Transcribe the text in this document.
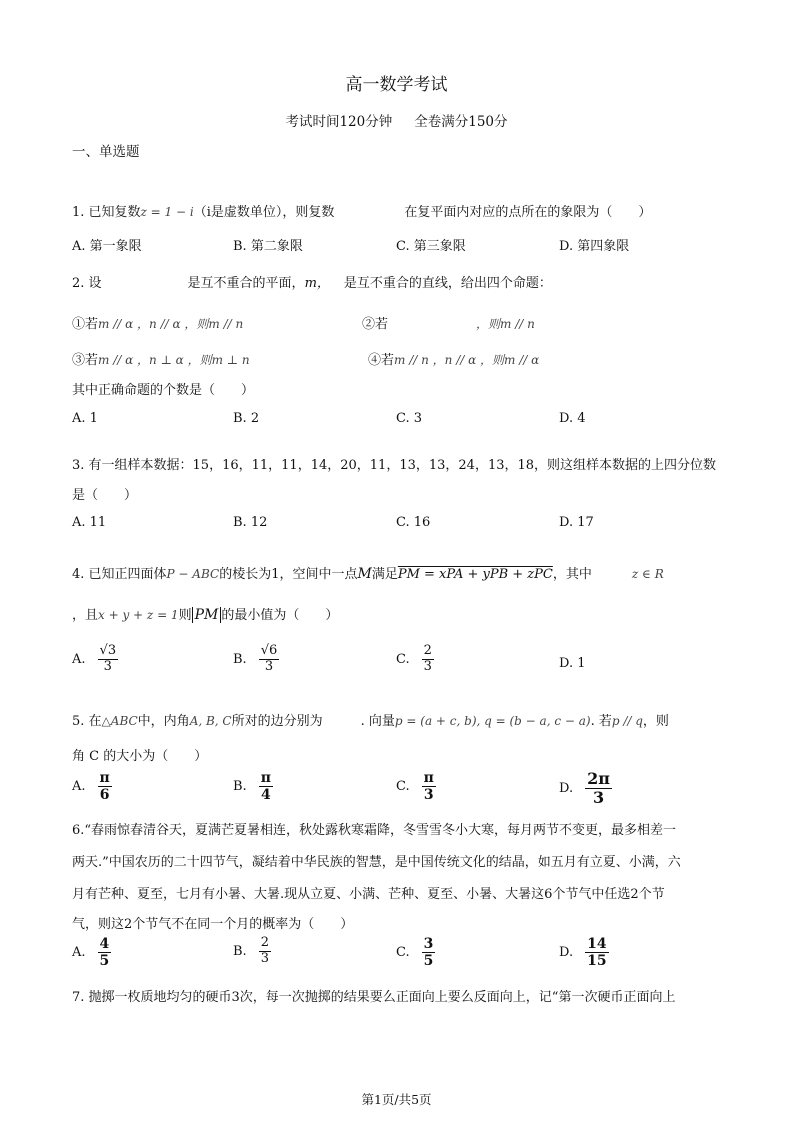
高一数学考试
考试时间120分钟 全卷满分150分
一、单选题
1. 已知复数z = 1 − i（i是虚数单位），则复数	在复平面内对应的点所在的象限为（　　）
A. 第一象限	B. 第二象限	C. 第三象限	D. 第四象限
2. 设	是互不重合的平面，m， 是互不重合的直线，给出四个命题：
①若m // α ，n // α ，则m // n	②若	，则m // n
③若m // α ，n ⊥ α ，则m ⊥ n	④若m // n ，n // α ，则m // α
其中正确命题的个数是（　　）
A. 1	B. 2	C. 3	D. 4
3. 有一组样本数据：15，16，11，11，14，20，11，13，13，24，13，18，则这组样本数据的上四分位数
是（　　）
A. 11	B. 12	C. 16	D. 17
4. 已知正四面体P − ABC的棱长为1，空间中一点M满足PM = xPA + yPB + zPC，其中	z ∈ R
，且x + y + z = 1则 PM 的最小值为（　　）
A. $\frac{√3}{3}$	B. $\frac{√6}{3}$	C. $\frac{2}{3}$	D. 1
5. 在△ABC中，内角A, B, C所对的边分别为	. 向量p = (a + c, b), q = (b − a, c − a). 若p // q，则
角 C 的大小为（　　）
A. $\frac{\pi}{6}$	B. $\frac{\pi}{4}$	C. $\frac{\pi}{3}$	D. $\frac{2\pi}{3}$
6.“春雨惊春清谷天，夏满芒夏暑相连，秋处露秋寒霜降，冬雪雪冬小大寒，每月两节不变更，最多相差一
两天.”中国农历的二十四节气，凝结着中华民族的智慧，是中国传统文化的结晶，如五月有立夏、小满，六
月有芒种、夏至，七月有小暑、大暑.现从立夏、小满、芒种、夏至、小暑、大暑这6个节气中任选2个节
气，则这2个节气不在同一个月的概率为（　　）
A. $\frac{4}{5}$	B. $\frac{2}{3}$	C. $\frac{3}{5}$	D. $\frac{14}{15}$
7. 抛掷一枚质地均匀的硬币3次，每一次抛掷的结果要么正面向上要么反面向上，记“第一次硬币正面向上
第1页/共5页
